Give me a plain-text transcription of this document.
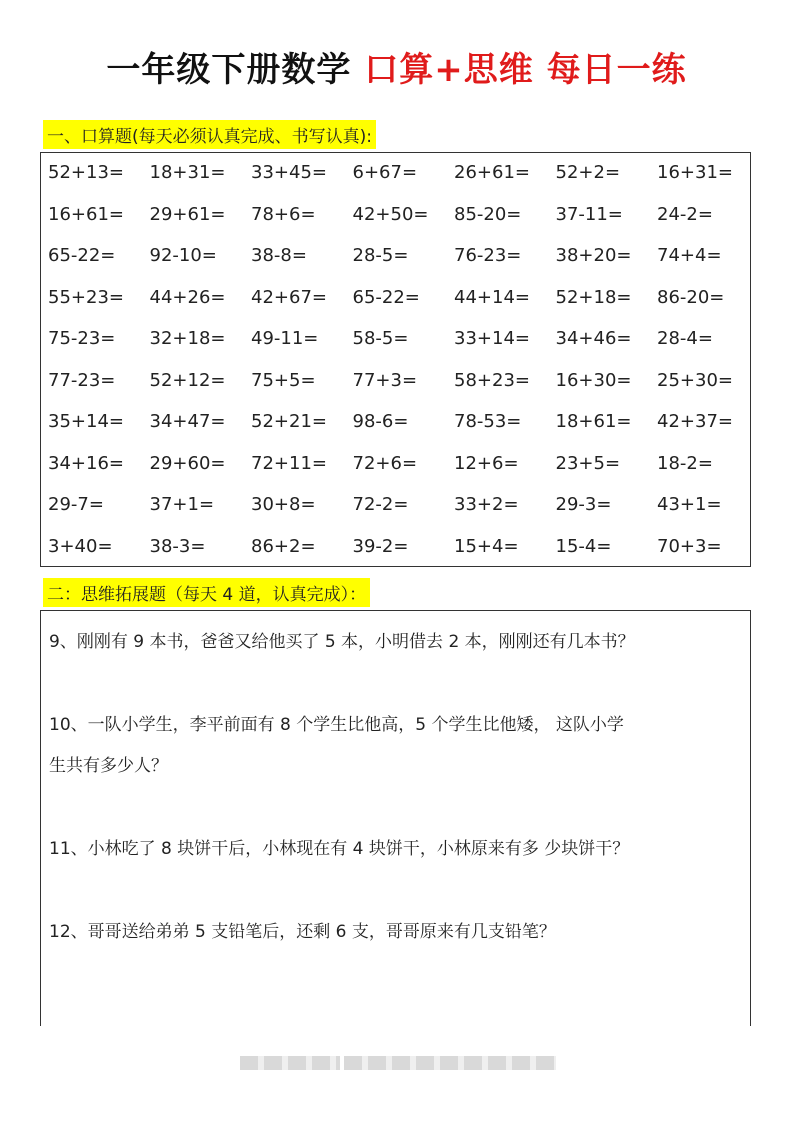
一年级下册数学 口算+思维 每日一练
一、口算题(每天必须认真完成、书写认真):
52+13=	18+31=	33+45=	6+67=	26+61=	52+2=	16+31=
16+61=	29+61=	78+6=	42+50=	85-20=	37-11=	24-2=
65-22=	92-10=	38-8=	28-5=	76-23=	38+20=	74+4=
55+23=	44+26=	42+67=	65-22=	44+14=	52+18=	86-20=
75-23=	32+18=	49-11=	58-5=	33+14=	34+46=	28-4=
77-23=	52+12=	75+5=	77+3=	58+23=	16+30=	25+30=
35+14=	34+47=	52+21=	98-6=	78-53=	18+61=	42+37=
34+16=	29+60=	72+11=	72+6=	12+6=	23+5=	18-2=
29-7=	37+1=	30+8=	72-2=	33+2=	29-3=	43+1=
3+40=	38-3=	86+2=	39-2=	15+4=	15-4=	70+3=
二：思维拓展题（每天 4 道，认真完成）：
9、刚刚有 9 本书，爸爸又给他买了 5 本，小明借去 2 本，刚刚还有几本书？
10、一队小学生，李平前面有 8 个学生比他高，5 个学生比他矮， 这队小学
生共有多少人？
11、小林吃了 8 块饼干后，小林现在有 4 块饼干，小林原来有多 少块饼干？
12、哥哥送给弟弟 5 支铅笔后，还剩 6 支，哥哥原来有几支铅笔？
